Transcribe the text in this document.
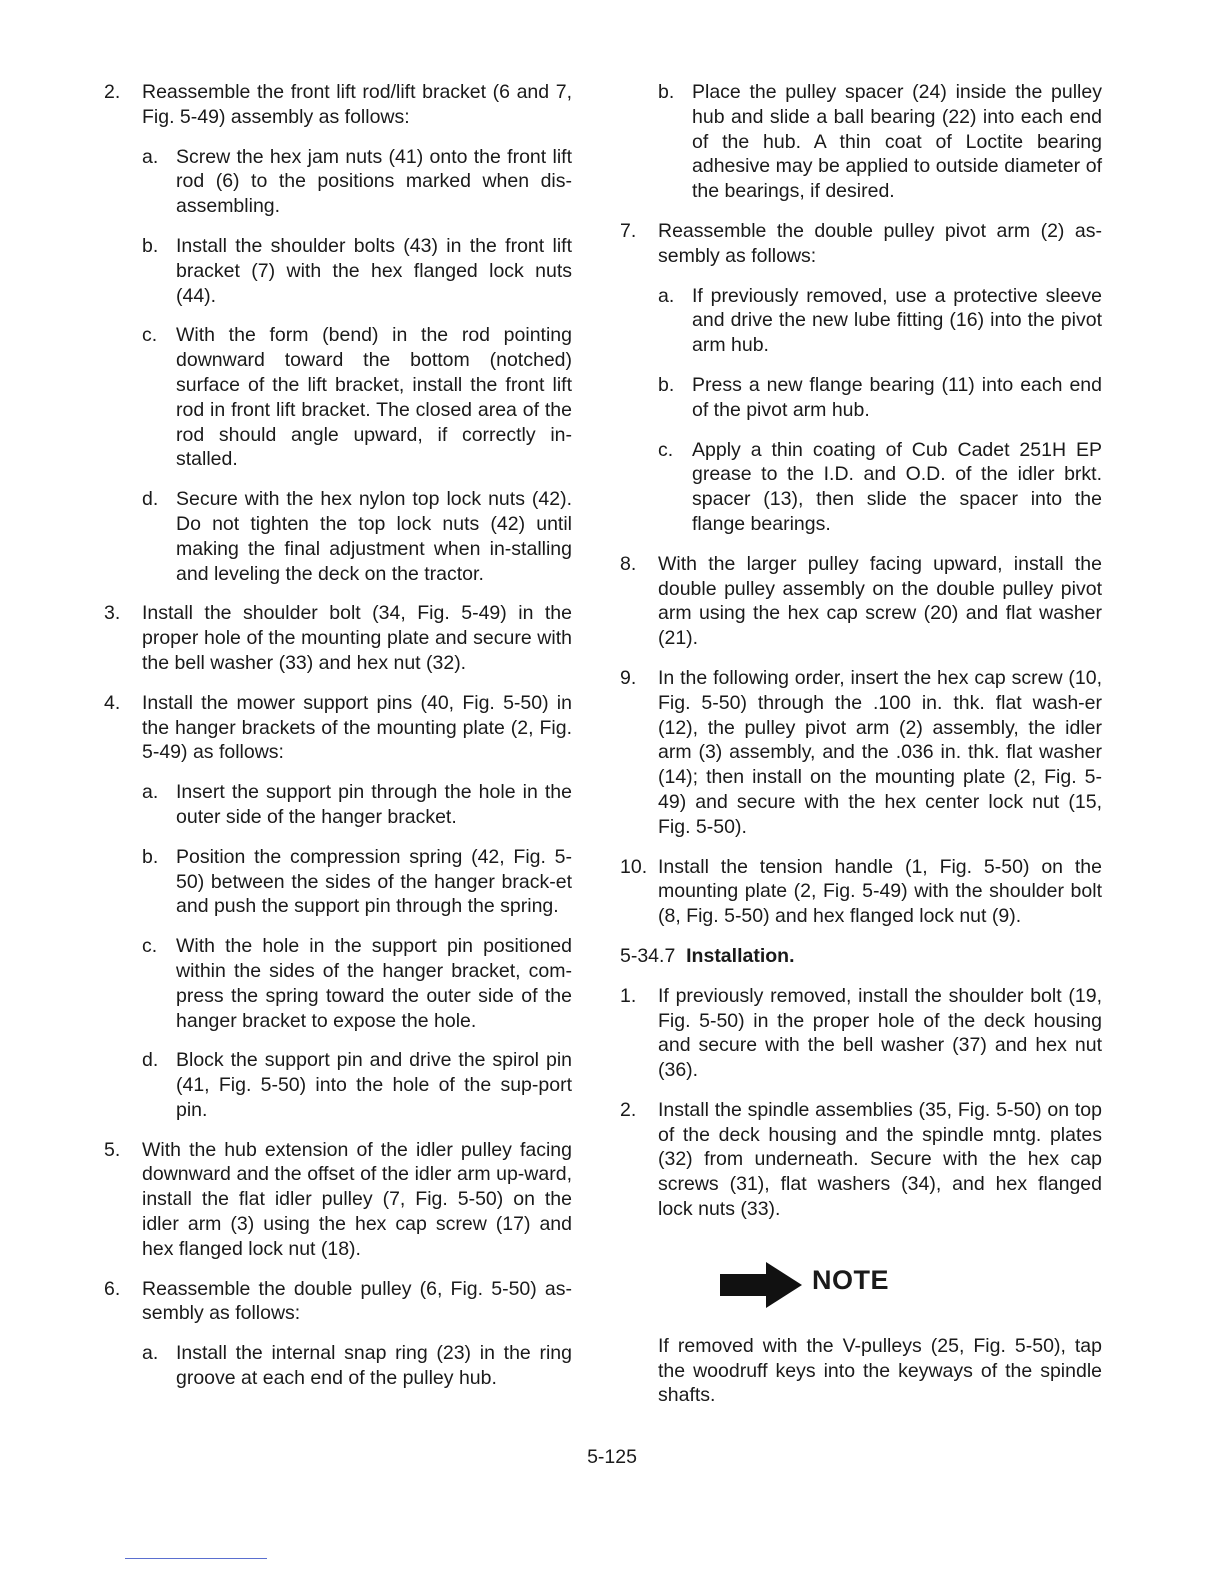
2.	Reassemble the front lift rod/lift bracket (6 and 7, Fig. 5-49) assembly as follows:
a. Screw the hex jam nuts (41) onto the front lift rod (6) to the positions marked when dis-assembling.
b. Install the shoulder bolts (43) in the front lift bracket (7) with the hex flanged lock nuts (44).
c. With the form (bend) in the rod pointing downward toward the bottom (notched) surface of the lift bracket, install the front lift rod in front lift bracket. The closed area of the rod should angle upward, if correctly in-stalled.
d. Secure with the hex nylon top lock nuts (42). Do not tighten the top lock nuts (42) until making the final adjustment when in-stalling and leveling the deck on the tractor.
3.	Install the shoulder bolt (34, Fig. 5-49) in the proper hole of the mounting plate and secure with the bell washer (33) and hex nut (32).
4.	Install the mower support pins (40, Fig. 5-50) in the hanger brackets of the mounting plate (2, Fig. 5-49) as follows:
a. Insert the support pin through the hole in the outer side of the hanger bracket.
b. Position the compression spring (42, Fig. 5-50) between the sides of the hanger brack-et and push the support pin through the spring.
c. With the hole in the support pin positioned within the sides of the hanger bracket, com-press the spring toward the outer side of the hanger bracket to expose the hole.
d. Block the support pin and drive the spirol pin (41, Fig. 5-50) into the hole of the sup-port pin.
5.	With the hub extension of the idler pulley facing downward and the offset of the idler arm up-ward, install the flat idler pulley (7, Fig. 5-50) on the idler arm (3) using the hex cap screw (17) and hex flanged lock nut (18).
6.	Reassemble the double pulley (6, Fig. 5-50) as-sembly as follows:
a. Install the internal snap ring (23) in the ring groove at each end of the pulley hub.
b. Place the pulley spacer (24) inside the pulley hub and slide a ball bearing (22) into each end of the hub. A thin coat of Loctite bearing adhesive may be applied to outside diameter of the bearings, if desired.
7.	Reassemble the double pulley pivot arm (2) as-sembly as follows:
a. If previously removed, use a protective sleeve and drive the new lube fitting (16) into the pivot arm hub.
b. Press a new flange bearing (11) into each end of the pivot arm hub.
c. Apply a thin coating of Cub Cadet 251H EP grease to the I.D. and O.D. of the idler brkt. spacer (13), then slide the spacer into the flange bearings.
8.	With the larger pulley facing upward, install the double pulley assembly on the double pulley pivot arm using the hex cap screw (20) and flat washer (21).
9.	In the following order, insert the hex cap screw (10, Fig. 5-50) through the .100 in. thk. flat wash-er (12), the pulley pivot arm (2) assembly, the idler arm (3) assembly, and the .036 in. thk. flat washer (14); then install on the mounting plate (2, Fig. 5-49) and secure with the hex center lock nut (15, Fig. 5-50).
10. Install the tension handle (1, Fig. 5-50) on the mounting plate (2, Fig. 5-49) with the shoulder bolt (8, Fig. 5-50) and hex flanged lock nut (9).
5-34.7 Installation.
1.	If previously removed, install the shoulder bolt (19, Fig. 5-50) in the proper hole of the deck housing and secure with the bell washer (37) and hex nut (36).
2.	Install the spindle assemblies (35, Fig. 5-50) on top of the deck housing and the spindle mntg. plates (32) from underneath. Secure with the hex cap screws (31), flat washers (34), and hex flanged lock nuts (33).
NOTE
If removed with the V-pulleys (25, Fig. 5-50), tap the woodruff keys into the keyways of the spindle shafts.
5-125
